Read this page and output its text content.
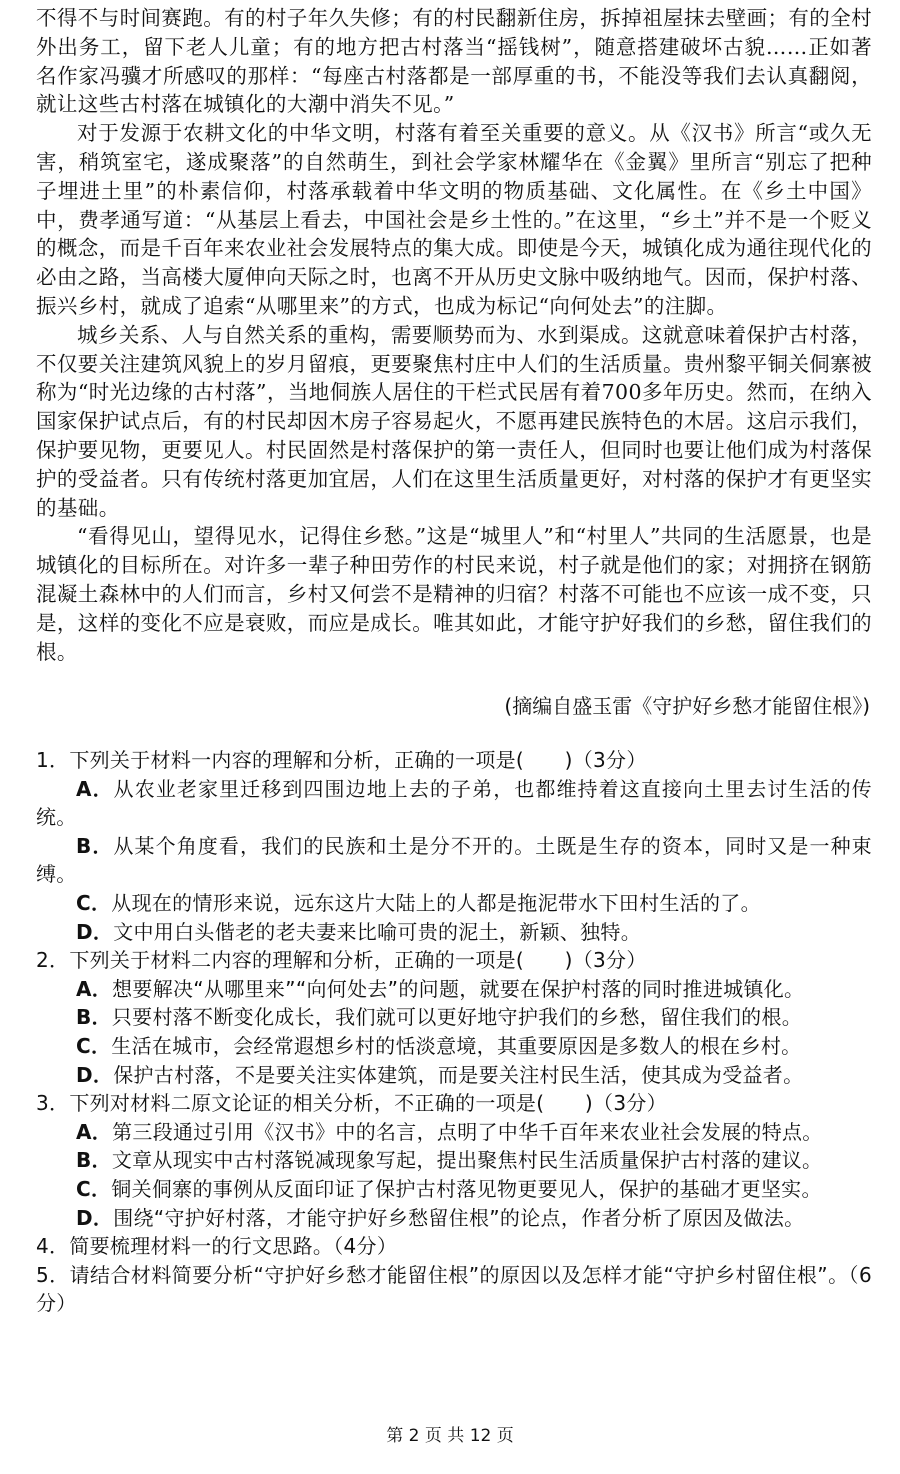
不得不与时间赛跑。有的村子年久失修；有的村民翻新住房，拆掉祖屋抹去壁画；有的全村外出务工，留下老人儿童；有的地方把古村落当“摇钱树”，随意搭建破坏古貌……正如著名作家冯骥才所感叹的那样：“每座古村落都是一部厚重的书，不能没等我们去认真翻阅，就让这些古村落在城镇化的大潮中消失不见。”

对于发源于农耕文化的中华文明，村落有着至关重要的意义。从《汉书》所言“或久无害，稍筑室宅，遂成聚落”的自然萌生，到社会学家林耀华在《金翼》里所言“别忘了把种子埋进土里”的朴素信仰，村落承载着中华文明的物质基础、文化属性。在《乡土中国》中，费孝通写道：“从基层上看去，中国社会是乡土性的。”在这里，“乡土”并不是一个贬义的概念，而是千百年来农业社会发展特点的集大成。即使是今天，城镇化成为通往现代化的必由之路，当高楼大厦伸向天际之时，也离不开从历史文脉中吸纳地气。因而，保护村落、振兴乡村，就成了追索“从哪里来”的方式，也成为标记“向何处去”的注脚。

城乡关系、人与自然关系的重构，需要顺势而为、水到渠成。这就意味着保护古村落，不仅要关注建筑风貌上的岁月留痕，更要聚焦村庄中人们的生活质量。贵州黎平铜关侗寨被称为“时光边缘的古村落”，当地侗族人居住的干栏式民居有着700多年历史。然而，在纳入国家保护试点后，有的村民却因木房子容易起火，不愿再建民族特色的木居。这启示我们，保护要见物，更要见人。村民固然是村落保护的第一责任人，但同时也要让他们成为村落保护的受益者。只有传统村落更加宜居，人们在这里生活质量更好，对村落的保护才有更坚实的基础。

“看得见山，望得见水，记得住乡愁。”这是“城里人”和“村里人”共同的生活愿景，也是城镇化的目标所在。对许多一辈子种田劳作的村民来说，村子就是他们的家；对拥挤在钢筋混凝土森林中的人们而言，乡村又何尝不是精神的归宿？村落不可能也不应该一成不变，只是，这样的变化不应是衰败，而应是成长。唯其如此，才能守护好我们的乡愁，留住我们的根。

(摘编自盛玉雷《守护好乡愁才能留住根》)

1．下列关于材料一内容的理解和分析，正确的一项是(　　)（3分）

A．从农业老家里迁移到四围边地上去的子弟，也都维持着这直接向土里去讨生活的传统。

B．从某个角度看，我们的民族和土是分不开的。土既是生存的资本，同时又是一种束缚。

C．从现在的情形来说，远东这片大陆上的人都是拖泥带水下田村生活的了。

D．文中用白头偕老的老夫妻来比喻可贵的泥土，新颖、独特。

2．下列关于材料二内容的理解和分析，正确的一项是(　　)（3分）

A．想要解决“从哪里来”“向何处去”的问题，就要在保护村落的同时推进城镇化。

B．只要村落不断变化成长，我们就可以更好地守护我们的乡愁，留住我们的根。

C．生活在城市，会经常遐想乡村的恬淡意境，其重要原因是多数人的根在乡村。

D．保护古村落，不是要关注实体建筑，而是要关注村民生活，使其成为受益者。

3．下列对材料二原文论证的相关分析，不正确的一项是(　　)（3分）

A．第三段通过引用《汉书》中的名言，点明了中华千百年来农业社会发展的特点。

B．文章从现实中古村落锐减现象写起，提出聚焦村民生活质量保护古村落的建议。

C．铜关侗寨的事例从反面印证了保护古村落见物更要见人，保护的基础才更坚实。

D．围绕“守护好村落，才能守护好乡愁留住根”的论点，作者分析了原因及做法。

4．简要梳理材料一的行文思路。（4分）

5．请结合材料简要分析“守护好乡愁才能留住根”的原因以及怎样才能“守护乡村留住根”。（6分）

第 2 页 共 12 页
